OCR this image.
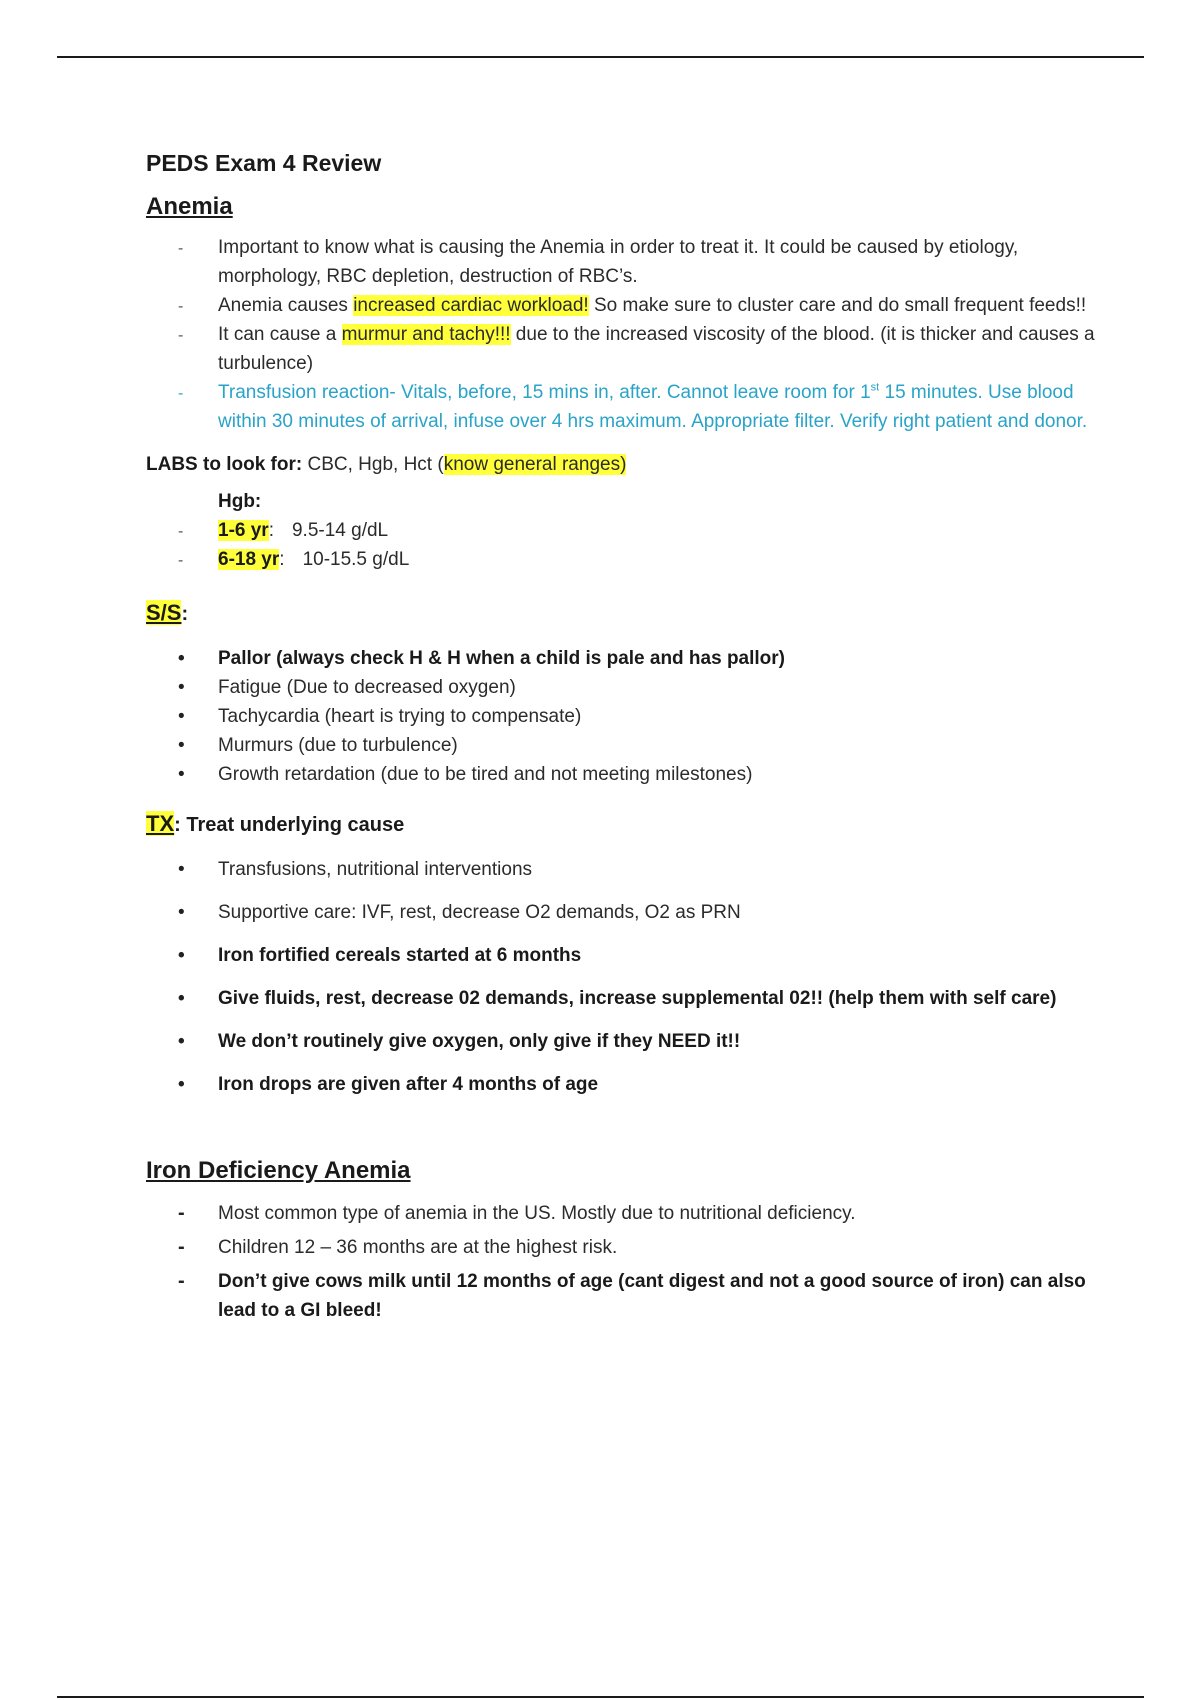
PEDS Exam 4 Review
Anemia
-
Important to know what is causing the Anemia in order to treat it. It could be caused by etiology, morphology, RBC depletion, destruction of RBC’s.
-
Anemia causes increased cardiac workload! So make sure to cluster care and do small frequent feeds!!
-
It can cause a murmur and tachy!!! due to the increased viscosity of the blood. (it is thicker and causes a turbulence)
-
Transfusion reaction- Vitals, before, 15 mins in, after. Cannot leave room for 1st 15 minutes. Use blood within 30 minutes of arrival, infuse over 4 hrs maximum. Appropriate filter. Verify right patient and donor.
LABS to look for: CBC, Hgb, Hct (know general ranges)
Hgb:
-
1-6 yr: 9.5-14 g/dL
-
6-18 yr: 10-15.5 g/dL
S/S:
•
Pallor (always check H & H when a child is pale and has pallor)
•
Fatigue (Due to decreased oxygen)
•
Tachycardia (heart is trying to compensate)
•
Murmurs (due to turbulence)
•
Growth retardation (due to be tired and not meeting milestones)
TX: Treat underlying cause
•
Transfusions, nutritional interventions
•
Supportive care: IVF, rest, decrease O2 demands, O2 as PRN
•
Iron fortified cereals started at 6 months
•
Give fluids, rest, decrease 02 demands, increase supplemental 02!! (help them with self care)
•
We don’t routinely give oxygen, only give if they NEED it!!
•
Iron drops are given after 4 months of age
Iron Deficiency Anemia
-
Most common type of anemia in the US. Mostly due to nutritional deficiency.
-
Children 12 – 36 months are at the highest risk.
-
Don’t give cows milk until 12 months of age (cant digest and not a good source of iron) can also lead to a GI bleed!
